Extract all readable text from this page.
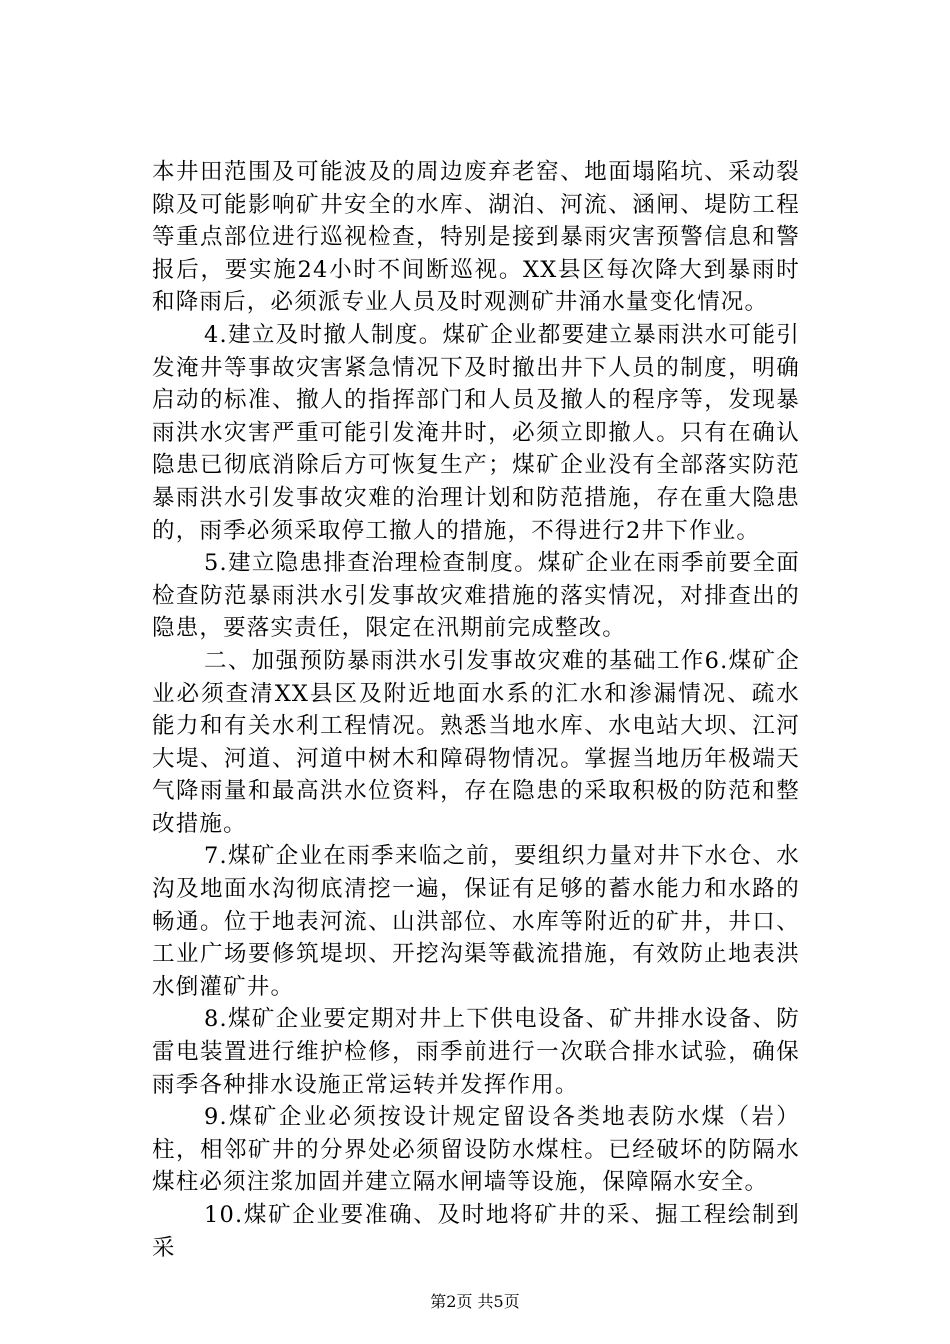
本井田范围及可能波及的周边废弃老窑、地面塌陷坑、采动裂隙及可能影响矿井安全的水库、湖泊、河流、涵闸、堤防工程等重点部位进行巡视检查，特别是接到暴雨灾害预警信息和警报后，要实施24小时不间断巡视。XX县区每次降大到暴雨时和降雨后，必须派专业人员及时观测矿井涌水量变化情况。

4.建立及时撤人制度。煤矿企业都要建立暴雨洪水可能引发淹井等事故灾害紧急情况下及时撤出井下人员的制度，明确启动的标准、撤人的指挥部门和人员及撤人的程序等，发现暴雨洪水灾害严重可能引发淹井时，必须立即撤人。只有在确认隐患已彻底消除后方可恢复生产；煤矿企业没有全部落实防范暴雨洪水引发事故灾难的治理计划和防范措施，存在重大隐患的，雨季必须采取停工撤人的措施，不得进行2井下作业。

5.建立隐患排查治理检查制度。煤矿企业在雨季前要全面检查防范暴雨洪水引发事故灾难措施的落实情况，对排查出的隐患，要落实责任，限定在汛期前完成整改。

二、加强预防暴雨洪水引发事故灾难的基础工作6.煤矿企业必须查清XX县区及附近地面水系的汇水和渗漏情况、疏水能力和有关水利工程情况。熟悉当地水库、水电站大坝、江河大堤、河道、河道中树木和障碍物情况。掌握当地历年极端天气降雨量和最高洪水位资料，存在隐患的采取积极的防范和整改措施。

7.煤矿企业在雨季来临之前，要组织力量对井下水仓、水沟及地面水沟彻底清挖一遍，保证有足够的蓄水能力和水路的畅通。位于地表河流、山洪部位、水库等附近的矿井，井口、工业广场要修筑堤坝、开挖沟渠等截流措施，有效防止地表洪水倒灌矿井。

8.煤矿企业要定期对井上下供电设备、矿井排水设备、防雷电装置进行维护检修，雨季前进行一次联合排水试验，确保雨季各种排水设施正常运转并发挥作用。

9.煤矿企业必须按设计规定留设各类地表防水煤（岩）柱，相邻矿井的分界处必须留设防水煤柱。已经破坏的防隔水煤柱必须注浆加固并建立隔水闸墙等设施，保障隔水安全。

10.煤矿企业要准确、及时地将矿井的采、掘工程绘制到采

第2页 共5页
